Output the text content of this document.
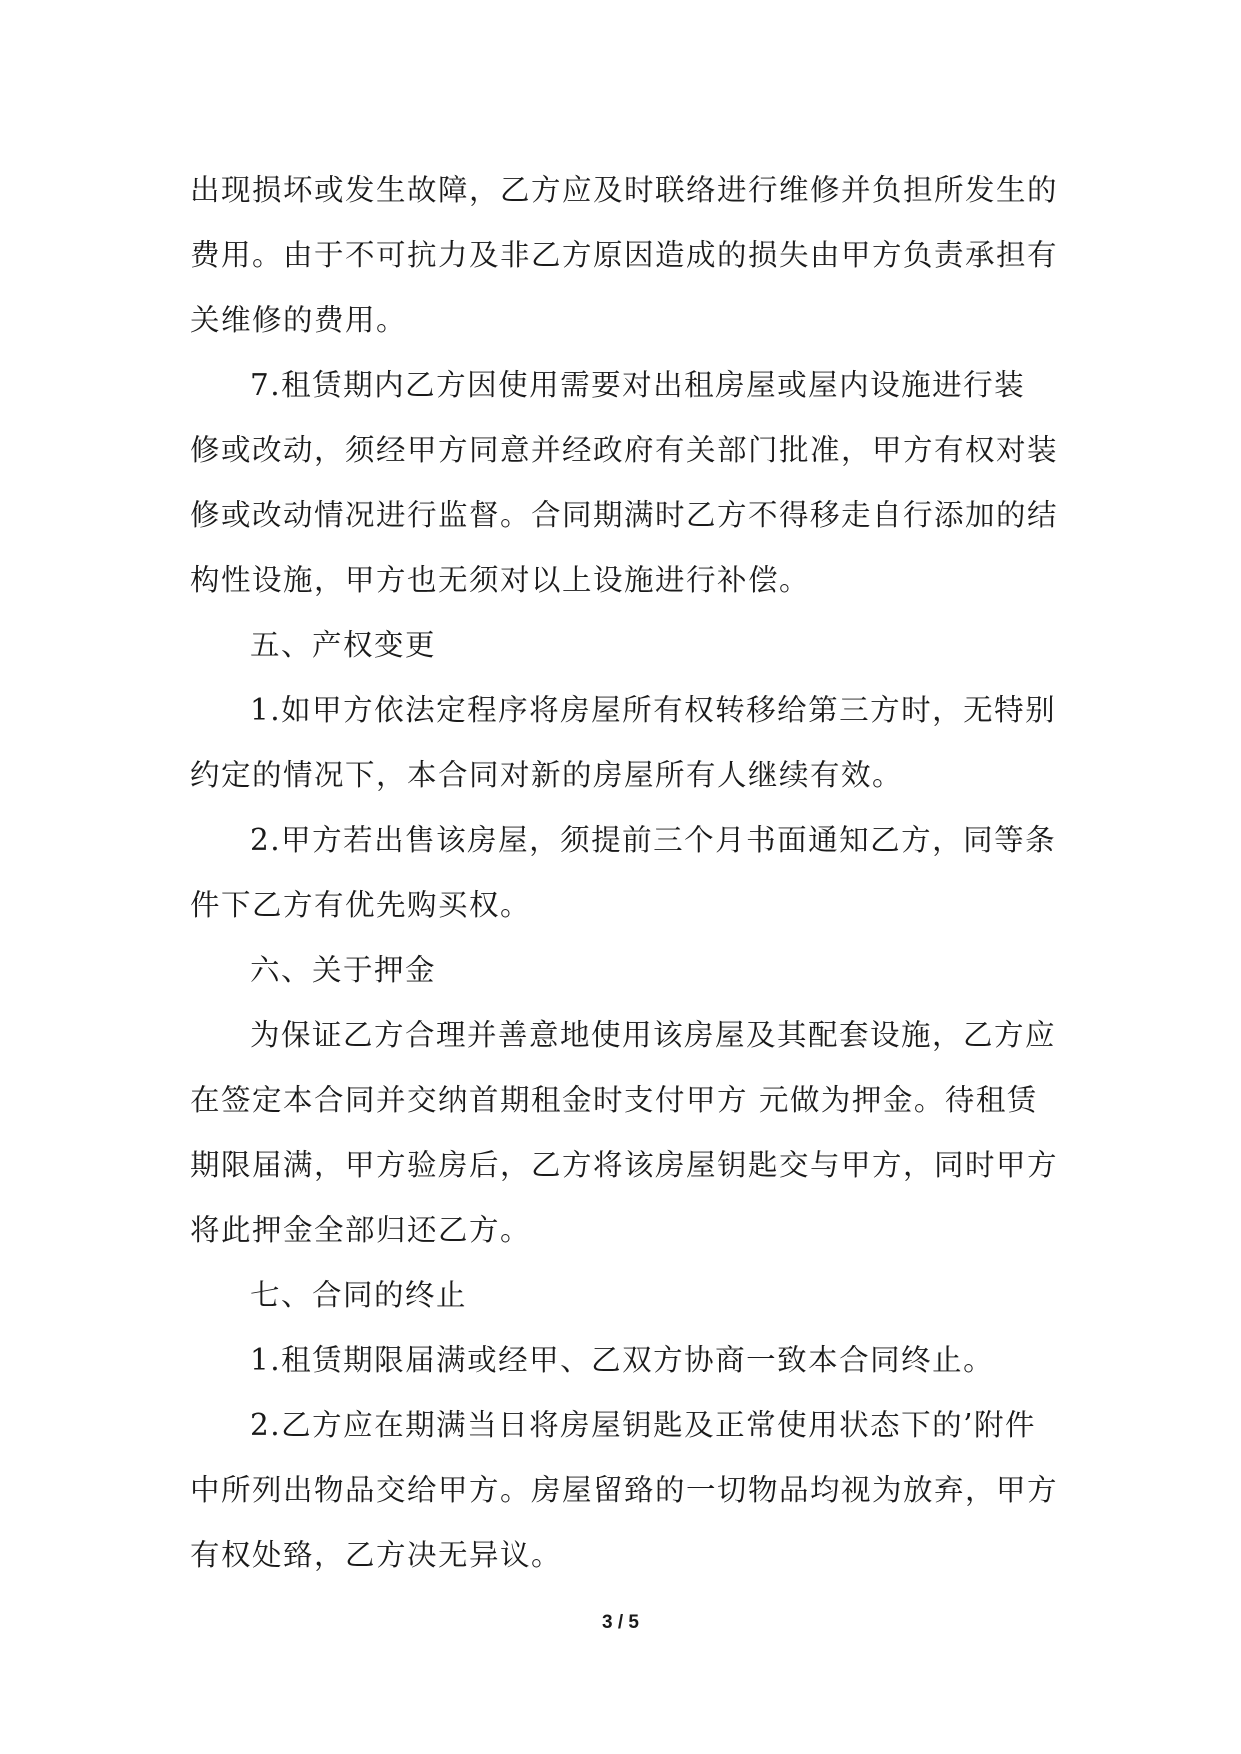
出现损坏或发生故障，乙方应及时联络进行维修并负担所发生的
费用。由于不可抗力及非乙方原因造成的损失由甲方负责承担有
关维修的费用。
7.租赁期内乙方因使用需要对出租房屋或屋内设施进行装
修或改动，须经甲方同意并经政府有关部门批准，甲方有权对装
修或改动情况进行监督。合同期满时乙方不得移走自行添加的结
构性设施，甲方也无须对以上设施进行补偿。
五、产权变更
1.如甲方依法定程序将房屋所有权转移给第三方时，无特别
约定的情况下，本合同对新的房屋所有人继续有效。
2.甲方若出售该房屋，须提前三个月书面通知乙方，同等条
件下乙方有优先购买权。
六、关于押金
为保证乙方合理并善意地使用该房屋及其配套设施，乙方应
在签定本合同并交纳首期租金时支付甲方 元做为押金。待租赁
期限届满，甲方验房后，乙方将该房屋钥匙交与甲方，同时甲方
将此押金全部归还乙方。
七、合同的终止
1.租赁期限届满或经甲、乙双方协商一致本合同终止。
2.乙方应在期满当日将房屋钥匙及正常使用状态下的’附件
中所列出物品交给甲方。房屋留臵的一切物品均视为放弃，甲方
有权处臵，乙方决无异议。
3 / 5
